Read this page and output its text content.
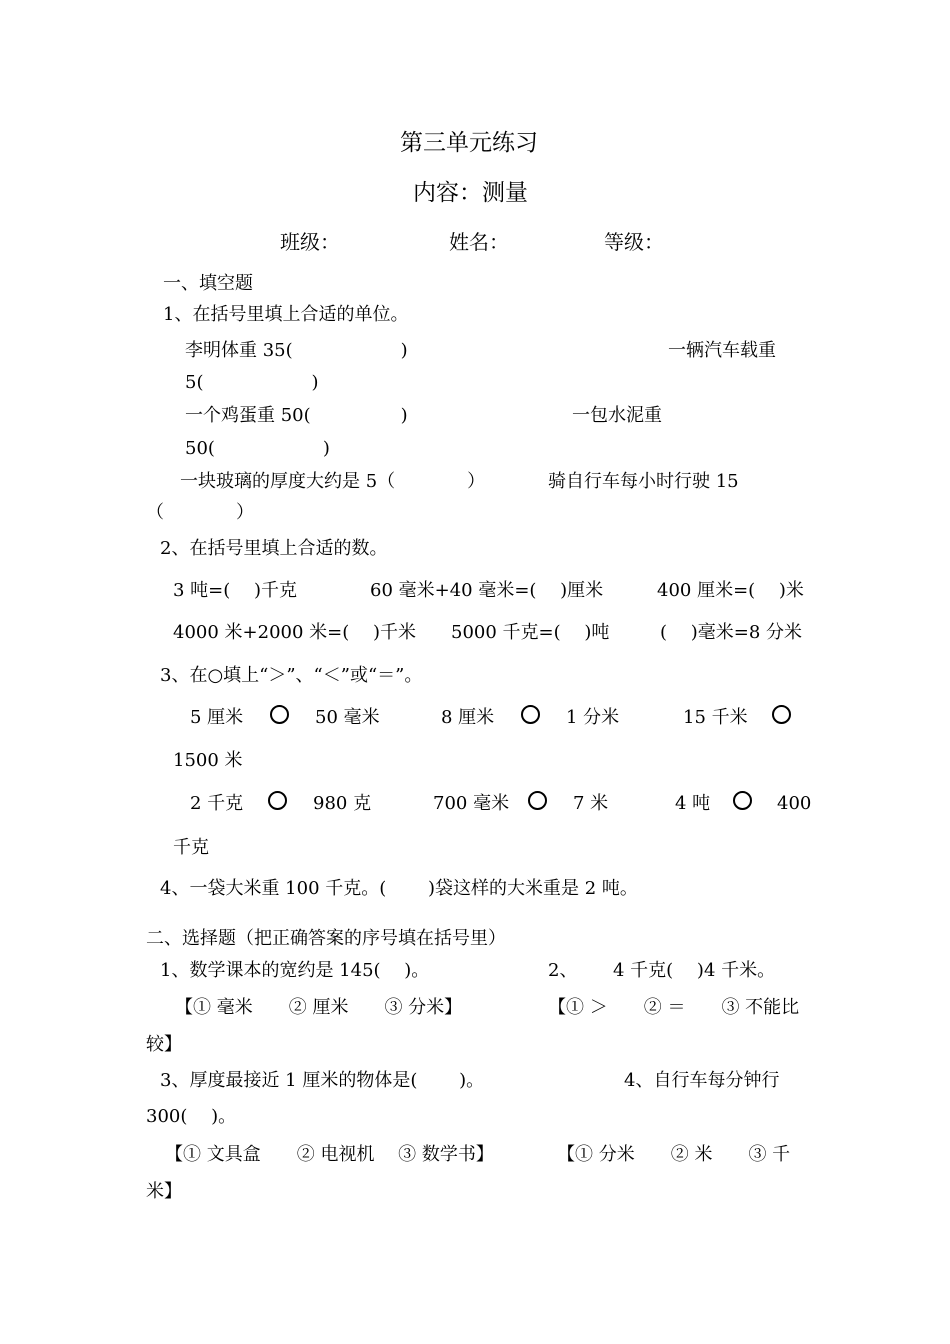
第三单元练习
内容：测量
班级：	姓名：	等级：
一、填空题
1、在括号里填上合适的单位。
李明体重 35(　　　　　　)	一辆汽车载重
5(　　　　　　)
一个鸡蛋重 50(　　　　　)	一包水泥重
50(　　　　　　)
一块玻璃的厚度大约是 5（　　　　）	骑自行车每小时行驶 15
（　　　　）
2、在括号里填上合适的数。
3 吨=(　 )千克	60 毫米+40 毫米=(　 )厘米	400 厘米=(　 )米
4000 米+2000 米=(　 )千米 5000 千克=(　 )吨	(　 )毫米=8 分米
3、在○填上“＞”、“＜”或“＝”。
5 厘米	50 毫米	8 厘米	1 分米	15 千米
1500 米
2 千克	980 克	700 毫米	7 米	4 吨	400
千克
4、一袋大米重 100 千克。(　　 )袋这样的大米重是 2 吨。
二、选择题（把正确答案的序号填在括号里）
1、数学课本的宽约是 145(　 )。	2、 4 千克(　 )4 千米。
【① 毫米　　② 厘米　　③ 分米】	【① ＞　　② ＝　　③ 不能比
较】
3、厚度最接近 1 厘米的物体是(　　 )。	4、自行车每分钟行
300(　 )。
【① 文具盒　　② 电视机　 ③ 数学书】	【① 分米　　② 米　　③ 千
米】
